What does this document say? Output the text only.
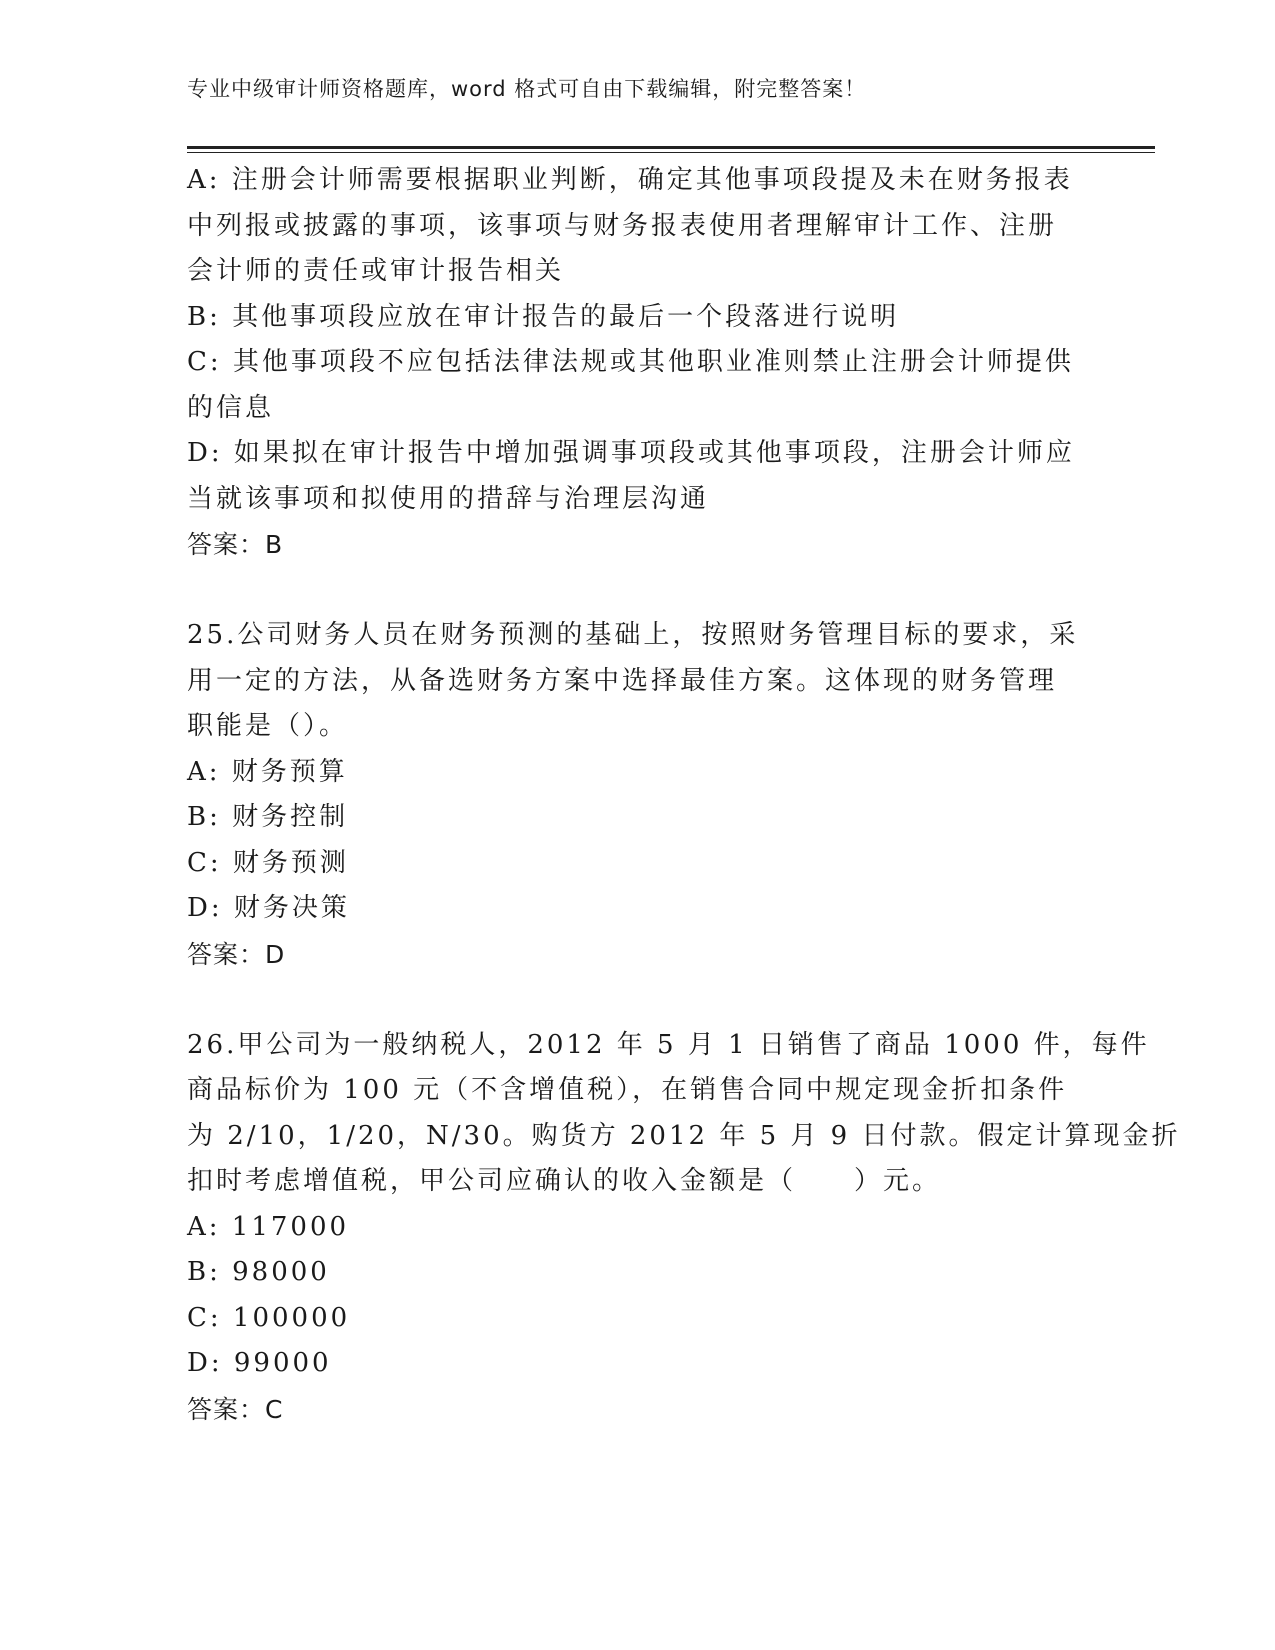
专业中级审计师资格题库，word 格式可自由下载编辑，附完整答案！
A: 注册会计师需要根据职业判断，确定其他事项段提及未在财务报表
中列报或披露的事项，该事项与财务报表使用者理解审计工作、注册
会计师的责任或审计报告相关
B: 其他事项段应放在审计报告的最后一个段落进行说明
C: 其他事项段不应包括法律法规或其他职业准则禁止注册会计师提供
的信息
D: 如果拟在审计报告中增加强调事项段或其他事项段，注册会计师应
当就该事项和拟使用的措辞与治理层沟通
答案：B
25.公司财务人员在财务预测的基础上，按照财务管理目标的要求，采
用一定的方法，从备选财务方案中选择最佳方案。这体现的财务管理
职能是（）。
A: 财务预算
B: 财务控制
C: 财务预测
D: 财务决策
答案：D
26.甲公司为一般纳税人，2012 年 5 月 1 日销售了商品 1000 件，每件
商品标价为 100 元（不含增值税），在销售合同中规定现金折扣条件
为 2/10，1/20，N/30。购货方 2012 年 5 月 9 日付款。假定计算现金折
扣时考虑增值税，甲公司应确认的收入金额是（　　）元。
A: 117000
B: 98000
C: 100000
D: 99000
答案：C
